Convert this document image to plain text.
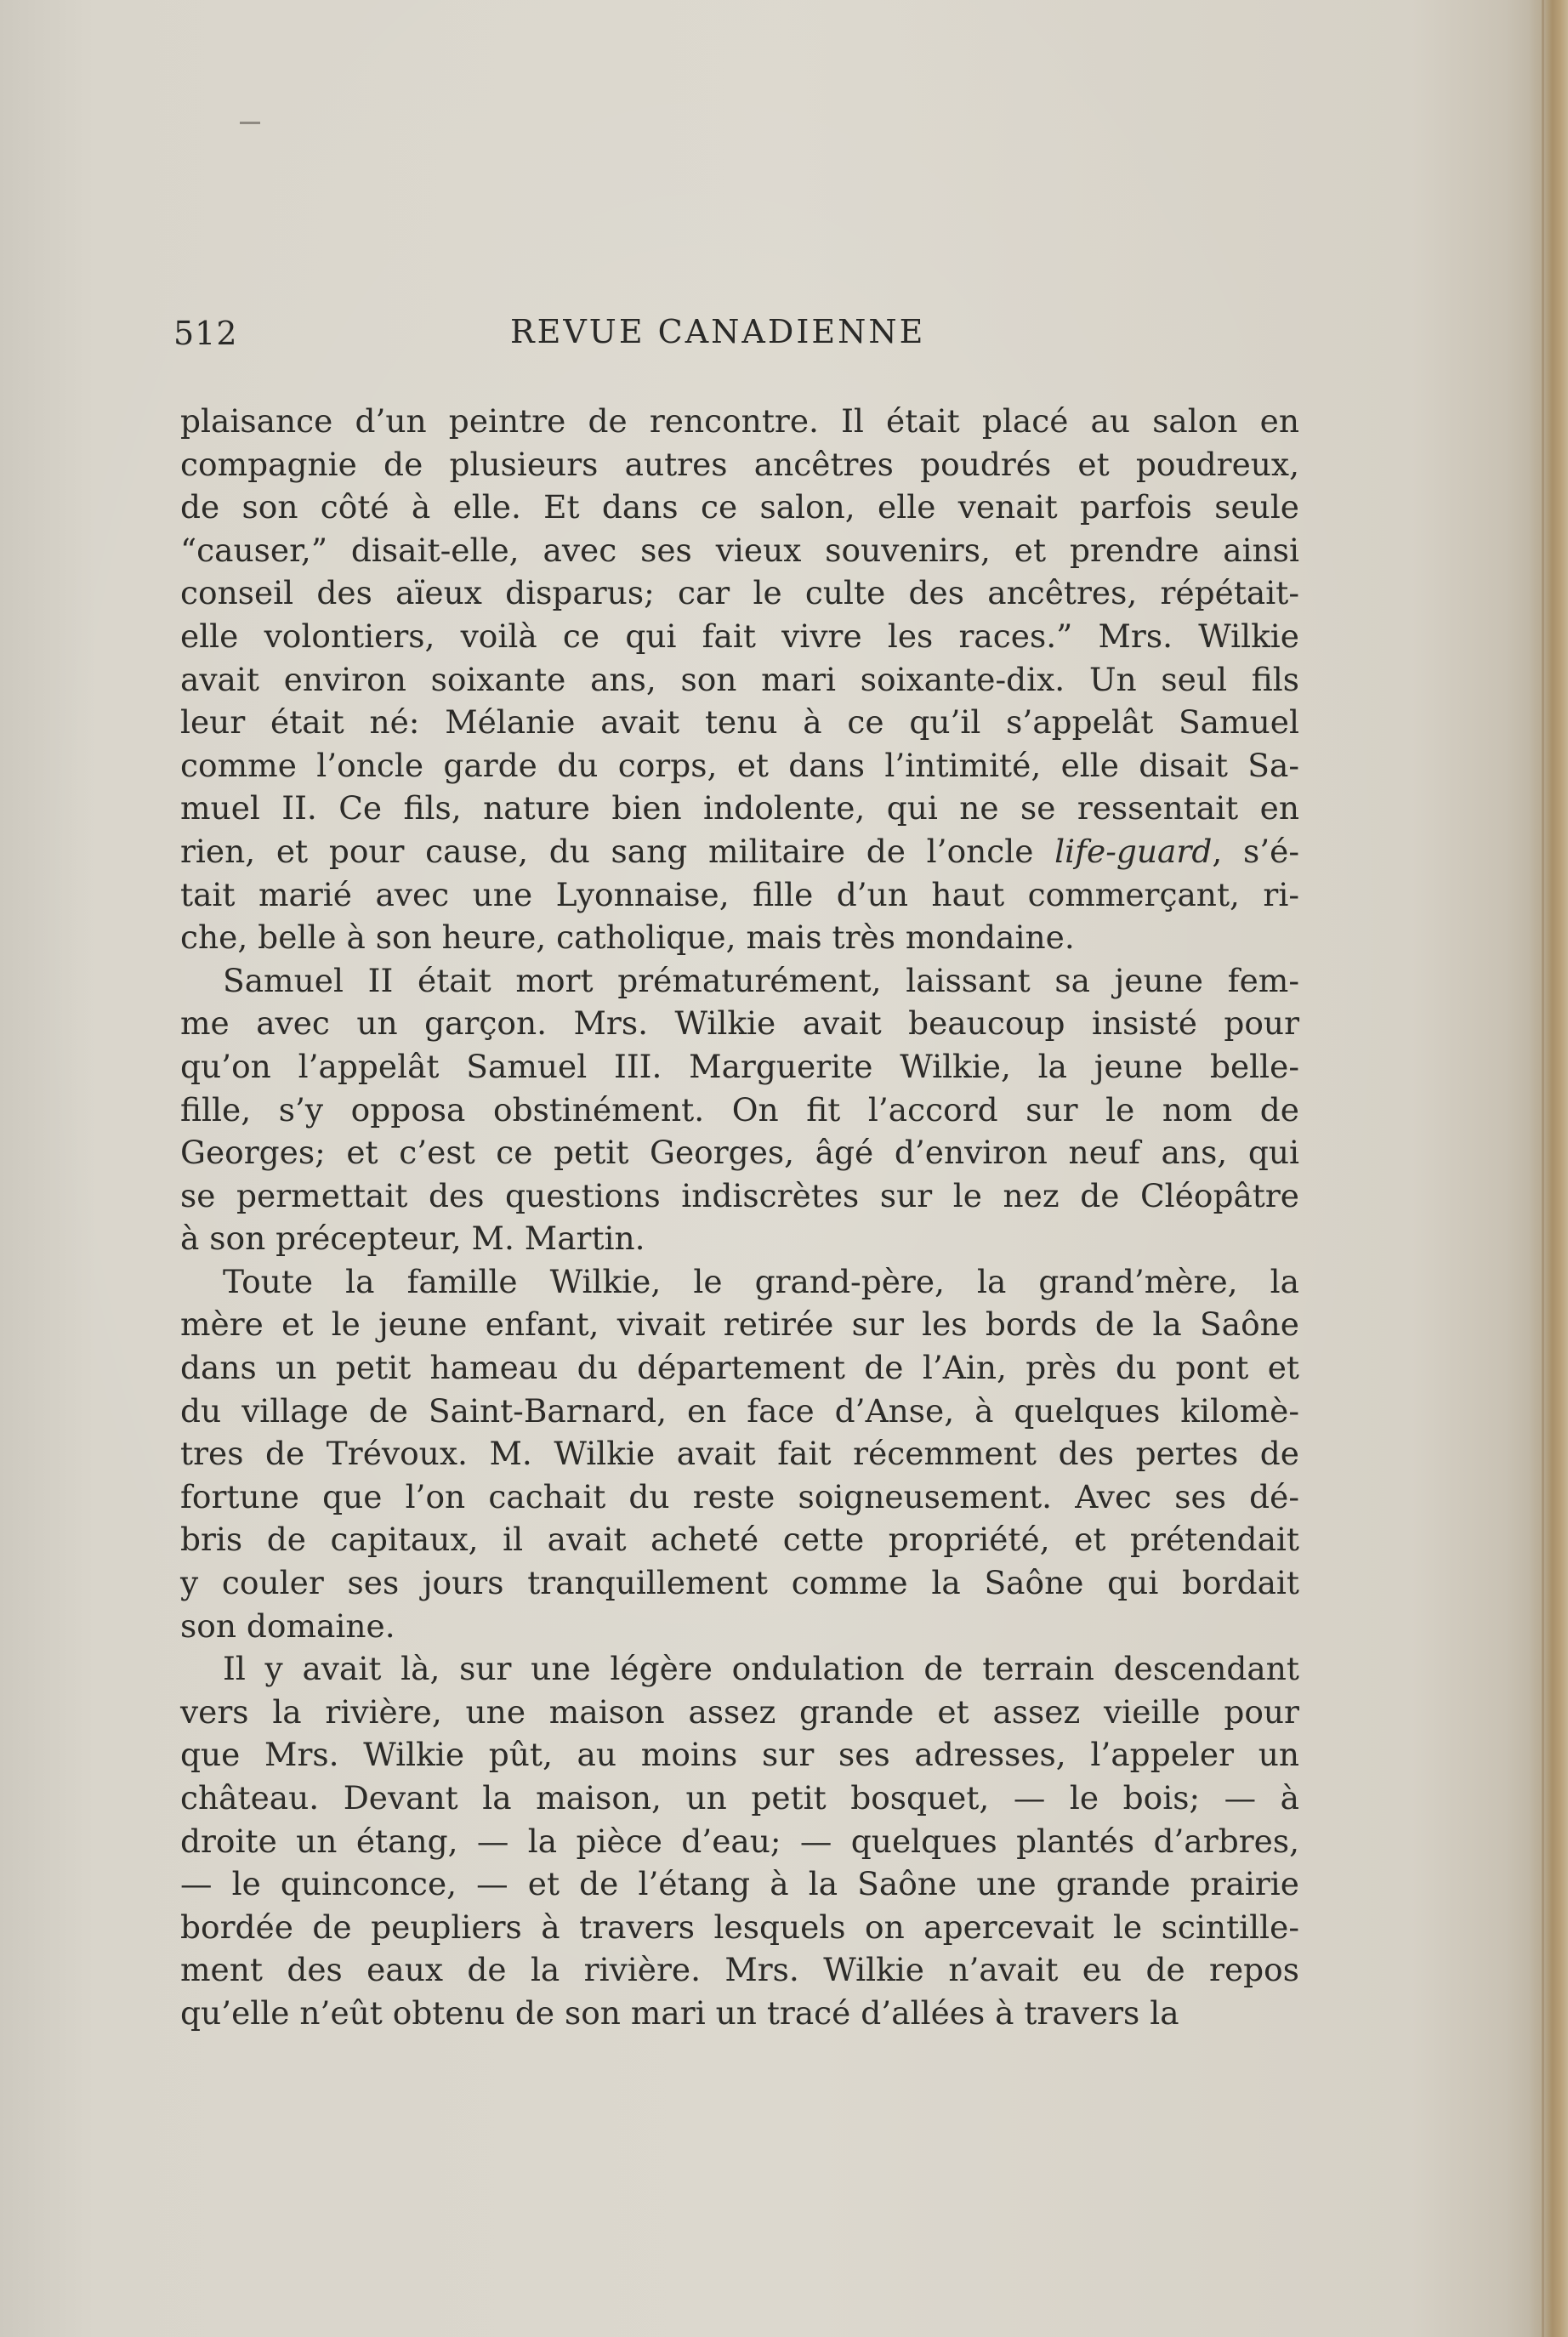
512	REVUE CANADIENNE
plaisance d’un peintre de rencontre. Il était placé au salon en
compagnie de plusieurs autres ancêtres poudrés et poudreux,
de son côté à elle. Et dans ce salon, elle venait parfois seule
“causer,” disait-elle, avec ses vieux souvenirs, et prendre ainsi
conseil des aïeux disparus; car le culte des ancêtres, répétait-
elle volontiers, voilà ce qui fait vivre les races.” Mrs. Wilkie
avait environ soixante ans, son mari soixante-dix. Un seul fils
leur était né: Mélanie avait tenu à ce qu’il s’appelât Samuel
comme l’oncle garde du corps, et dans l’intimité, elle disait Sa-
muel II. Ce fils, nature bien indolente, qui ne se ressentait en
rien, et pour cause, du sang militaire de l’oncle life-guard, s’é-
tait marié avec une Lyonnaise, fille d’un haut commerçant, ri-
che, belle à son heure, catholique, mais très mondaine.
Samuel II était mort prématurément, laissant sa jeune fem-
me avec un garçon. Mrs. Wilkie avait beaucoup insisté pour
qu’on l’appelât Samuel III. Marguerite Wilkie, la jeune belle-
fille, s’y opposa obstinément. On fit l’accord sur le nom de
Georges; et c’est ce petit Georges, âgé d’environ neuf ans, qui
se permettait des questions indiscrètes sur le nez de Cléopâtre
à son précepteur, M. Martin.
Toute la famille Wilkie, le grand-père, la grand’mère, la
mère et le jeune enfant, vivait retirée sur les bords de la Saône
dans un petit hameau du département de l’Ain, près du pont et
du village de Saint-Barnard, en face d’Anse, à quelques kilomè-
tres de Trévoux. M. Wilkie avait fait récemment des pertes de
fortune que l’on cachait du reste soigneusement. Avec ses dé-
bris de capitaux, il avait acheté cette propriété, et prétendait
y couler ses jours tranquillement comme la Saône qui bordait
son domaine.
Il y avait là, sur une légère ondulation de terrain descendant
vers la rivière, une maison assez grande et assez vieille pour
que Mrs. Wilkie pût, au moins sur ses adresses, l’appeler un
château. Devant la maison, un petit bosquet, — le bois; — à
droite un étang, — la pièce d’eau; — quelques plantés d’arbres,
— le quinconce, — et de l’étang à la Saône une grande prairie
bordée de peupliers à travers lesquels on apercevait le scintille-
ment des eaux de la rivière. Mrs. Wilkie n’avait eu de repos
qu’elle n’eût obtenu de son mari un tracé d’allées à travers la
